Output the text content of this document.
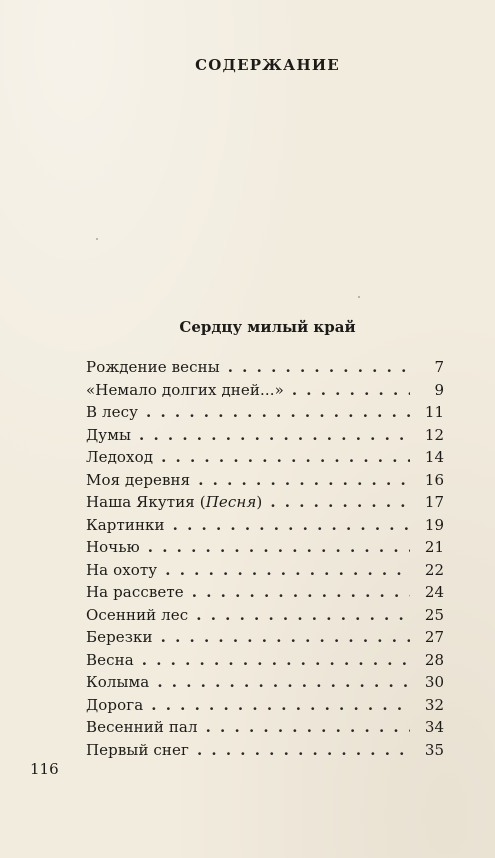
СОДЕРЖАНИЕ
Сердцу милый край
Рождение весны . . .	7
«Немало долгих дней...» . . .	9
В лесу . . .	11
Думы . . .	12
Ледоход . . .	14
Моя деревня . . .	16
Наша Якутия (Песня) . . .	17
Картинки . . .	19
Ночью . . .	21
На охоту . . .	22
На рассвете . . .	24
Осенний лес . . .	25
Березки . . .	27
Весна . . .	28
Колыма . . .	30
Дорога . . .	32
Весенний пал . . .	34
Первый снег . . .	35
116
